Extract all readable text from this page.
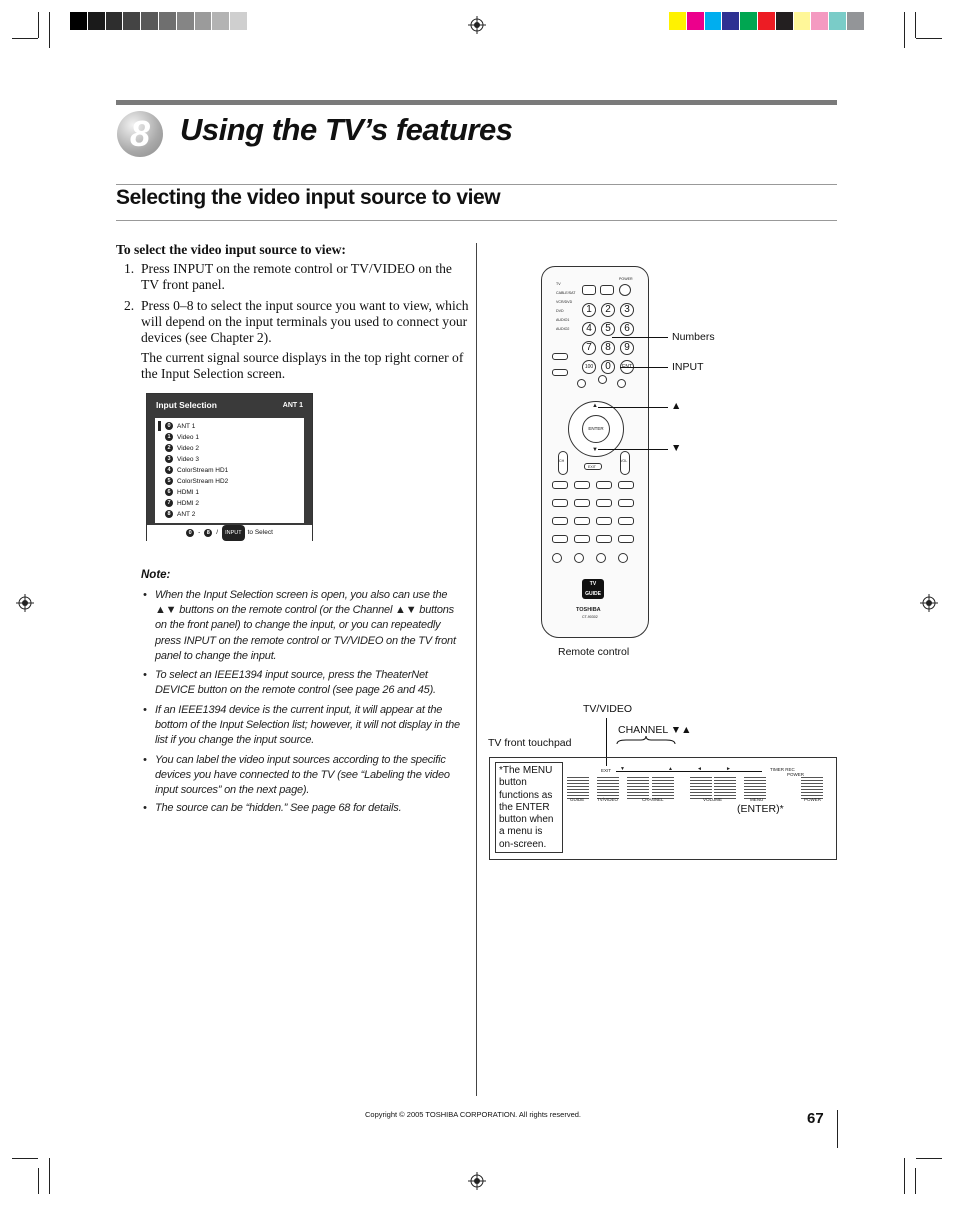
8 Using the TV’s features
Selecting the video input source to view
To select the video input source to view:
1. Press INPUT on the remote control or TV/VIDEO on the TV front panel.
2. Press 0–8 to select the input source you want to view, which will depend on the input terminals you used to connect your devices (see Chapter 2).
The current signal source displays in the top right corner of the Input Selection screen.
Input Selection	ANT 1
0 ANT 1
1 Video 1
2 Video 2
3 Video 3
4 ColorStream HD1
5 ColorStream HD2
6 HDMI 1
7 HDMI 2
8 ANT 2
0 -	8 /	INPUT to Select
Note:
• When the Input Selection screen is open, you also can use the ▲▼ buttons on the remote control (or the Channel ▲▼ buttons on the front panel) to change the input, or you can repeatedly press INPUT on the remote control or TV/VIDEO on the TV front panel to change the input.
• To select an IEEE1394 input source, press the TheaterNet DEVICE button on the remote control (see page 26 and 45).
• If an IEEE1394 device is the current input, it will appear at the bottom of the Input Selection list; however, it will not display in the list if you change the input source.
• You can label the video input sources according to the specific devices you have connected to the TV (see “Labeling the video input sources” on the next page).
• The source can be “hidden.” See page 68 for details.
TV
CABLE/SAT
VCR/DVD
DVD
AUDIO1
AUDIO2
POWER
1	2	3
4	5	6
7	8	9
100	0
ENTER
▲
▼
CH	VOL
EXIT
TV GUIDE
TOSHIBA
CT-90302
Numbers
INPUT
▲
▼
Remote control
TV/VIDEO
CHANNEL ▼▲
TV front touchpad
*The MENU button functions as the ENTER button when a menu is on-screen.
▼	▲	◄	►
EXIT	TIMER REC
POWER
GUIDE	TV/VIDEO	CHANNEL	VOLUME	MENU	POWER
(ENTER)*
Copyright © 2005 TOSHIBA CORPORATION. All rights reserved.	67
